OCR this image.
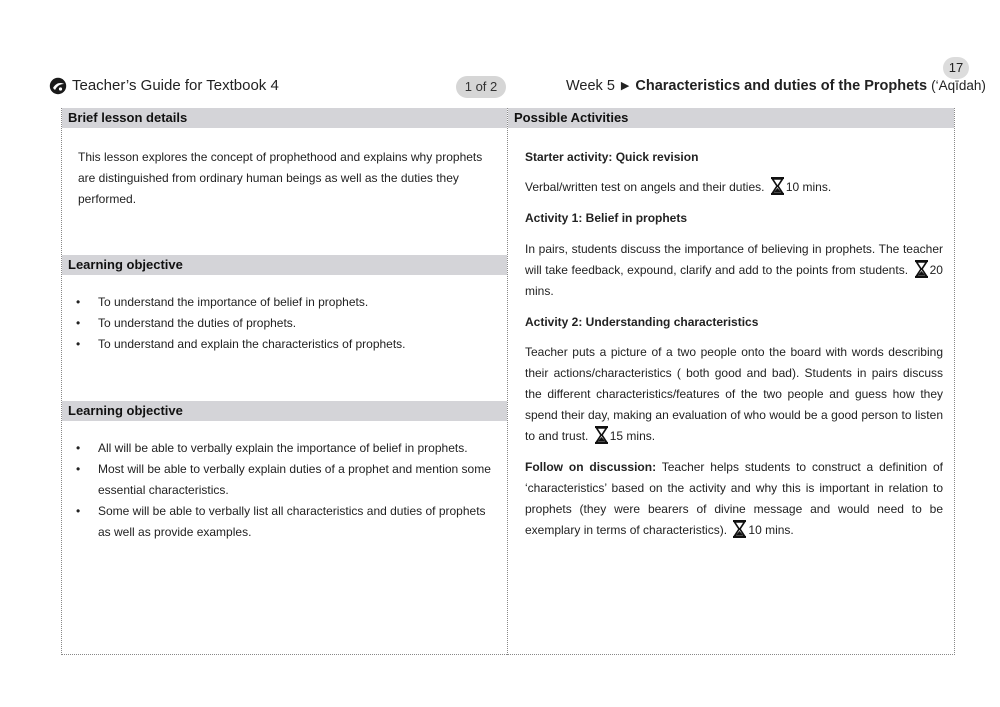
17
Teacher’s Guide for Textbook 4	1 of 2	Week 5 ▶ Characteristics and duties of the Prophets (‘Aqīdah)
Brief lesson details
This lesson explores the concept of prophethood and explains why prophets are distinguished from ordinary human beings as well as the duties they performed.
Learning objective
• To understand the importance of belief in prophets.
• To understand the duties of prophets.
• To understand and explain the characteristics of prophets.
Learning objective
• All will be able to verbally explain the importance of belief in prophets.
• Most will be able to verbally explain duties of a prophet and mention some essential characteristics.
• Some will be able to verbally list all characteristics and duties of prophets as well as provide examples.
Possible Activities
Starter activity: Quick revision
Verbal/written test on angels and their duties. 10 mins.
Activity 1: Belief in prophets
In pairs, students discuss the importance of believing in prophets. The teacher will take feedback, expound, clarify and add to the points from students. 20 mins.
Activity 2: Understanding characteristics
Teacher puts a picture of a two people onto the board with words describing their actions/characteristics ( both good and bad). Students in pairs discuss the different characteristics/features of the two people and guess how they spend their day, making an evaluation of who would be a good person to listen to and trust. 15 mins.
Follow on discussion: Teacher helps students to construct a definition of ‘characteristics’ based on the activity and why this is important in relation to prophets (they were bearers of divine message and would need to be exemplary in terms of characteristics). 10 mins.
